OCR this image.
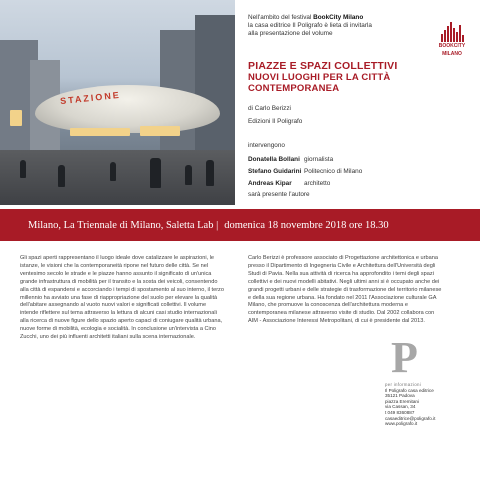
STAZIONE
Nell'ambito del festival BookCity Milano
la casa editrice Il Poligrafo è lieta di invitarla
alla presentazione del volume
BOOKCITY
MILANO
PIAZZE E SPAZI COLLETTIVI
NUOVI LUOGHI PER LA CITTÀ
CONTEMPORANEA
di Carlo Berizzi
Edizioni Il Poligrafo
intervengono
Donatella Bollani giornalista
Stefano Guidarini Politecnico di Milano
Andreas Kipar	architetto
sarà presente l'autore
Milano, La Triennale di Milano, Saletta Lab | domenica 18 novembre 2018 ore 18.30
Gli spazi aperti rappresentano il luogo ideale dove catalizzare le aspirazioni, le istanze, le visioni che la contemporaneità ripone nel futuro delle città. Se nel ventesimo secolo le strade e le piazze hanno assunto il significato di un'unica grande infrastruttura di mobilità per il transito e la sosta dei veicoli, consentendo alla città di espandersi e accorciando i tempi di spostamento al suo interno, il terzo millennio ha avviato una fase di riappropriazione del suolo per elevare la qualità dell'abitare assegnando al vuoto nuovi valori e significati collettivi. Il volume intende riflettere sul tema attraverso la lettura di alcuni casi studio internazionali alla ricerca di nuove figure dello spazio aperto capaci di coniugare qualità urbana, nuove forme di mobilità, ecologia e socialità. In conclusione un'intervista a Cino Zucchi, uno dei più influenti architetti italiani sulla scena internazionale.
Carlo Berizzi è professore associato di Progettazione architettonica e urbana presso il Dipartimento di Ingegneria Civile e Architettura dell'Università degli Studi di Pavia. Nella sua attività di ricerca ha approfondito i temi degli spazi collettivi e dei nuovi modelli abitativi. Negli ultimi anni si è occupato anche dei grandi progetti urbani e delle strategie di trasformazione del territorio milanese e della sua regione urbana. Ha fondato nel 2011 l'Associazione culturale GA Milano, che promuove la conoscenza dell'architettura moderna e contemporanea milanese attraverso visite di studio. Dal 2002 collabora con AIM - Associazione Interessi Metropolitani, di cui è presidente dal 2013.
P
per informazioni
Il Poligrafo casa editrice
35121 Padova
piazza Eremitani
via Cassan, 34
t 049 8360887
casaeditrice@poligrafo.it
www.poligrafo.it
